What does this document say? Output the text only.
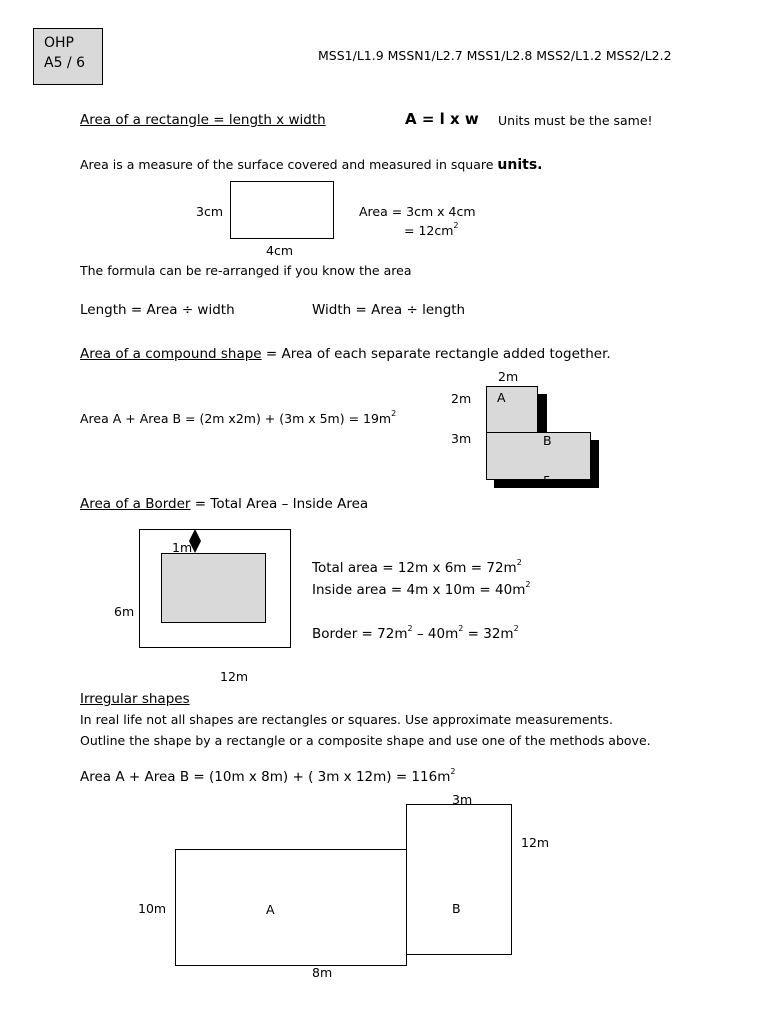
OHP
A5 / 6	MSS1/L1.9 MSSN1/L2.7 MSS1/L2.8 MSS2/L1.2 MSS2/L2.2
Area of a rectangle = length x width	A = l x w Units must be the same!
Area is a measure of the surface covered and measured in square units.
3cm
4cm
Area = 3cm x 4cm
= $12cm^2$
The formula can be re-arranged if you know the area
Length = Area ÷ width	Width = Area ÷ length
Area of a compound shape = Area of each separate rectangle added together.
Area A + Area B = (2m x2m) + (3m x $5m) = 19m^2$
2m
2m
3m
A
B
Area of a Border = Total Area – Inside Area
1m
6m
12m
Total area = 12m x $6m = 72m^2$
Inside area = 4m x $10m = 40m^2$
Border = $72m^2 - 40m^2 = 32m^2$
Irregular shapes
In real life not all shapes are rectangles or squares. Use approximate measurements.
Outline the shape by a rectangle or a composite shape and use one of the methods above.
Area A + Area B = (10m x 8m) + ( 3m x $12m) = 116m^2$
A	B
3m
12m
10m
8m
